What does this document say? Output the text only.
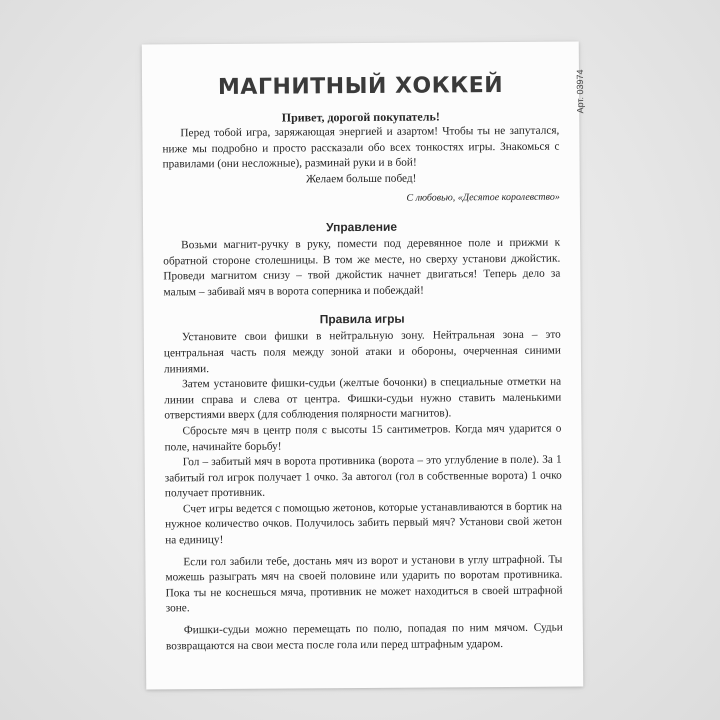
Арт. 03974
МАГНИТНЫЙ ХОККЕЙ
Привет, дорогой покупатель!

Перед тобой игра, заряжающая энергией и азартом! Чтобы ты не запутался, ниже мы подробно и просто рассказали обо всех тонкостях игры. Знакомься с правилами (они несложные), разминай руки и в бой!

Желаем больше побед!

С любовью, «Десятое королевство»

Управление

Возьми магнит-ручку в руку, помести под деревянное поле и прижми к обратной стороне столешницы. В том же месте, но сверху установи джойстик. Проведи магнитом снизу – твой джойстик начнет двигаться! Теперь дело за малым – забивай мяч в ворота соперника и побеждай!

Правила игры

Установите свои фишки в нейтральную зону. Нейтральная зона – это центральная часть поля между зоной атаки и обороны, очерченная синими линиями.

Затем установите фишки-судьи (желтые бочонки) в специальные отметки на линии справа и слева от центра. Фишки-судьи нужно ставить маленькими отверстиями вверх (для соблюдения полярности магнитов).

Сбросьте мяч в центр поля с высоты 15 сантиметров. Когда мяч ударится о поле, начинайте борьбу!

Гол – забитый мяч в ворота противника (ворота – это углубление в поле). За 1 забитый гол игрок получает 1 очко. За автогол (гол в собственные ворота) 1 очко получает противник.

Счет игры ведется с помощью жетонов, которые устанавливаются в бортик на нужное количество очков. Получилось забить первый мяч? Установи свой жетон на единицу!

Если гол забили тебе, достань мяч из ворот и установи в углу штрафной. Ты можешь разыграть мяч на своей половине или ударить по воротам противника. Пока ты не коснешься мяча, противник не может находиться в своей штрафной зоне.

Фишки-судьи можно перемещать по полю, попадая по ним мячом. Судьи возвращаются на свои места после гола или перед штрафным ударом.
